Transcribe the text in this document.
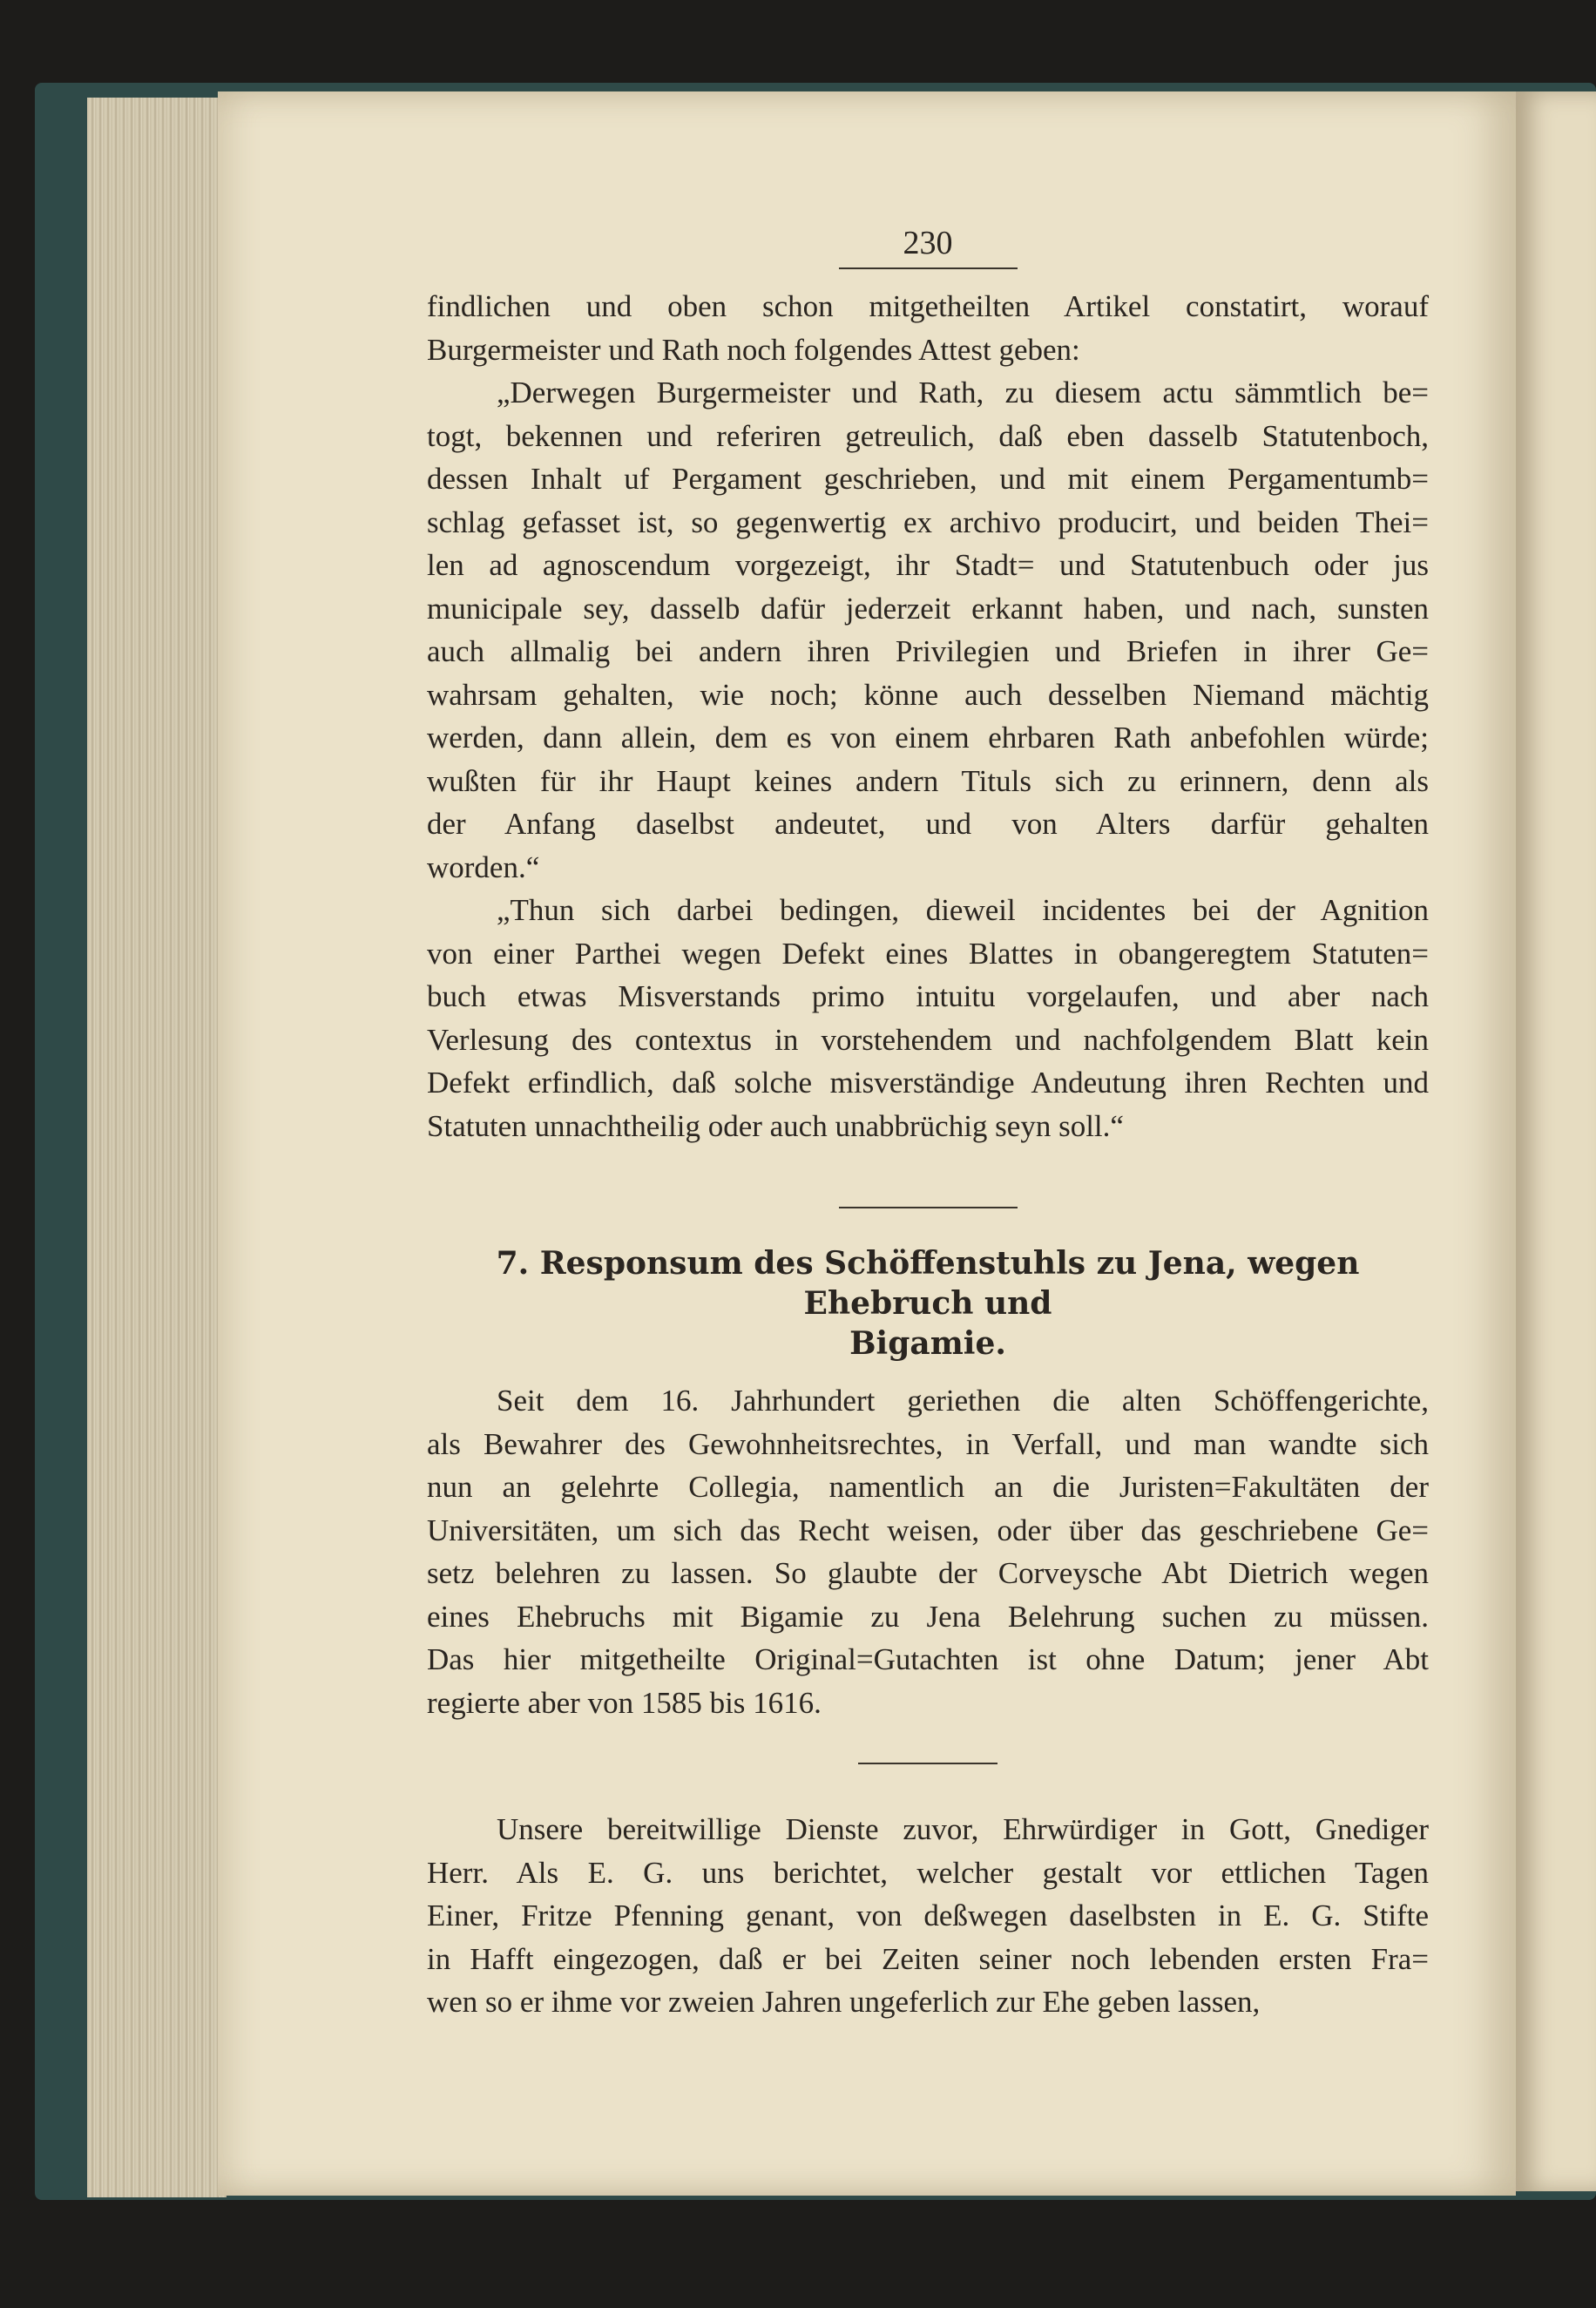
230
findlichen und oben schon mitgetheilten Artikel constatirt, worauf
Burgermeister und Rath noch folgendes Attest geben:
„Derwegen Burgermeister und Rath, zu diesem actu sämmtlich be=
togt, bekennen und referiren getreulich, daß eben dasselb Statutenboch,
dessen Inhalt uf Pergament geschrieben, und mit einem Pergamentumb=
schlag gefasset ist, so gegenwertig ex archivo producirt, und beiden Thei=
len ad agnoscendum vorgezeigt, ihr Stadt= und Statutenbuch oder jus
municipale sey, dasselb dafür jederzeit erkannt haben, und nach, sunsten
auch allmalig bei andern ihren Privilegien und Briefen in ihrer Ge=
wahrsam gehalten, wie noch; könne auch desselben Niemand mächtig
werden, dann allein, dem es von einem ehrbaren Rath anbefohlen würde;
wußten für ihr Haupt keines andern Tituls sich zu erinnern, denn als
der Anfang daselbst andeutet, und von Alters darfür gehalten
worden.“
„Thun sich darbei bedingen, dieweil incidentes bei der Agnition
von einer Parthei wegen Defekt eines Blattes in obangeregtem Statuten=
buch etwas Misverstands primo intuitu vorgelaufen, und aber nach
Verlesung des contextus in vorstehendem und nachfolgendem Blatt kein
Defekt erfindlich, daß solche misverständige Andeutung ihren Rechten und
Statuten unnachtheilig oder auch unabbrüchig seyn soll.“
7. Responsum des Schöffenstuhls zu Jena, wegen Ehebruch und
Bigamie.
Seit dem 16. Jahrhundert geriethen die alten Schöffengerichte,
als Bewahrer des Gewohnheitsrechtes, in Verfall, und man wandte sich
nun an gelehrte Collegia, namentlich an die Juristen=Fakultäten der
Universitäten, um sich das Recht weisen, oder über das geschriebene Ge=
setz belehren zu lassen. So glaubte der Corveysche Abt Dietrich wegen
eines Ehebruchs mit Bigamie zu Jena Belehrung suchen zu müssen.
Das hier mitgetheilte Original=Gutachten ist ohne Datum; jener Abt
regierte aber von 1585 bis 1616.
Unsere bereitwillige Dienste zuvor, Ehrwürdiger in Gott, Gnediger
Herr. Als E. G. uns berichtet, welcher gestalt vor ettlichen Tagen
Einer, Fritze Pfenning genant, von deßwegen daselbsten in E. G. Stifte
in Hafft eingezogen, daß er bei Zeiten seiner noch lebenden ersten Fra=
wen so er ihme vor zweien Jahren ungeferlich zur Ehe geben lassen,
